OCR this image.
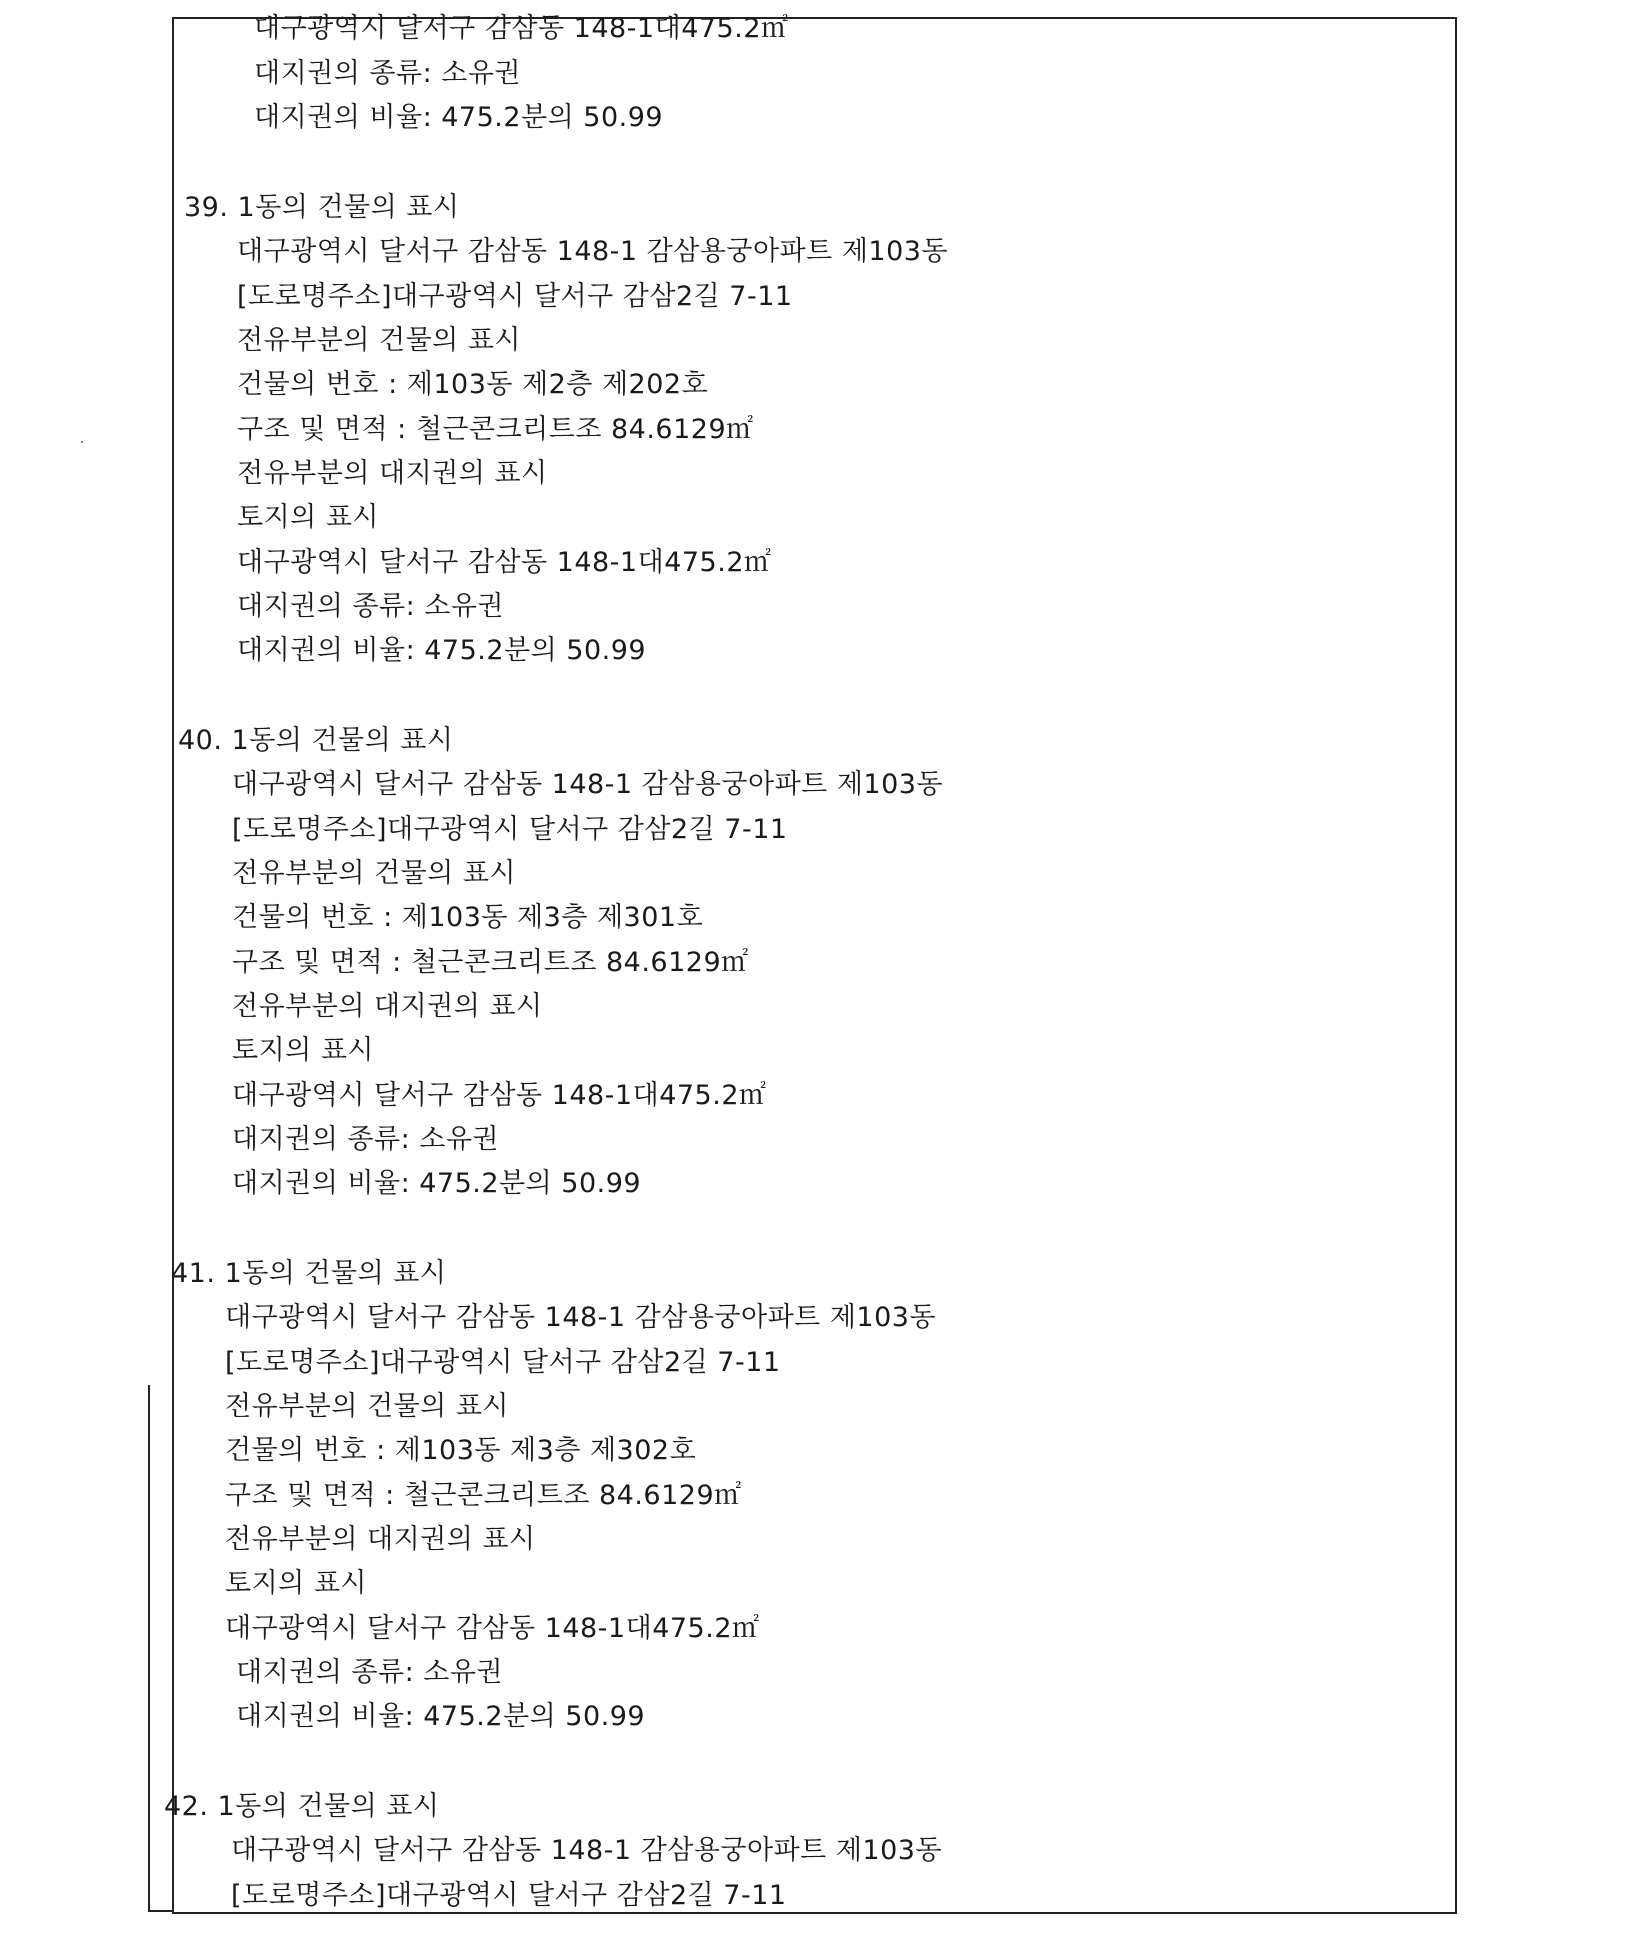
대구광역시 달서구 감삼동 148-1대475.2㎡

대지권의 종류: 소유권

대지권의 비율: 475.2분의 50.99

39. 1동의 건물의 표시

대구광역시 달서구 감삼동 148-1 감삼용궁아파트 제103동

[도로명주소]대구광역시 달서구 감삼2길 7-11

전유부분의 건물의 표시

건물의 번호 : 제103동 제2층 제202호

구조 및 면적 : 철근콘크리트조 84.6129㎡

전유부분의 대지권의 표시

토지의 표시

대구광역시 달서구 감삼동 148-1대475.2㎡

대지권의 종류: 소유권

대지권의 비율: 475.2분의 50.99

40. 1동의 건물의 표시

대구광역시 달서구 감삼동 148-1 감삼용궁아파트 제103동

[도로명주소]대구광역시 달서구 감삼2길 7-11

전유부분의 건물의 표시

건물의 번호 : 제103동 제3층 제301호

구조 및 면적 : 철근콘크리트조 84.6129㎡

전유부분의 대지권의 표시

토지의 표시

대구광역시 달서구 감삼동 148-1대475.2㎡

대지권의 종류: 소유권

대지권의 비율: 475.2분의 50.99

41. 1동의 건물의 표시

대구광역시 달서구 감삼동 148-1 감삼용궁아파트 제103동

[도로명주소]대구광역시 달서구 감삼2길 7-11

전유부분의 건물의 표시

건물의 번호 : 제103동 제3층 제302호

구조 및 면적 : 철근콘크리트조 84.6129㎡

전유부분의 대지권의 표시

토지의 표시

대구광역시 달서구 감삼동 148-1대475.2㎡

대지권의 종류: 소유권

대지권의 비율: 475.2분의 50.99

42. 1동의 건물의 표시

대구광역시 달서구 감삼동 148-1 감삼용궁아파트 제103동

[도로명주소]대구광역시 달서구 감삼2길 7-11
